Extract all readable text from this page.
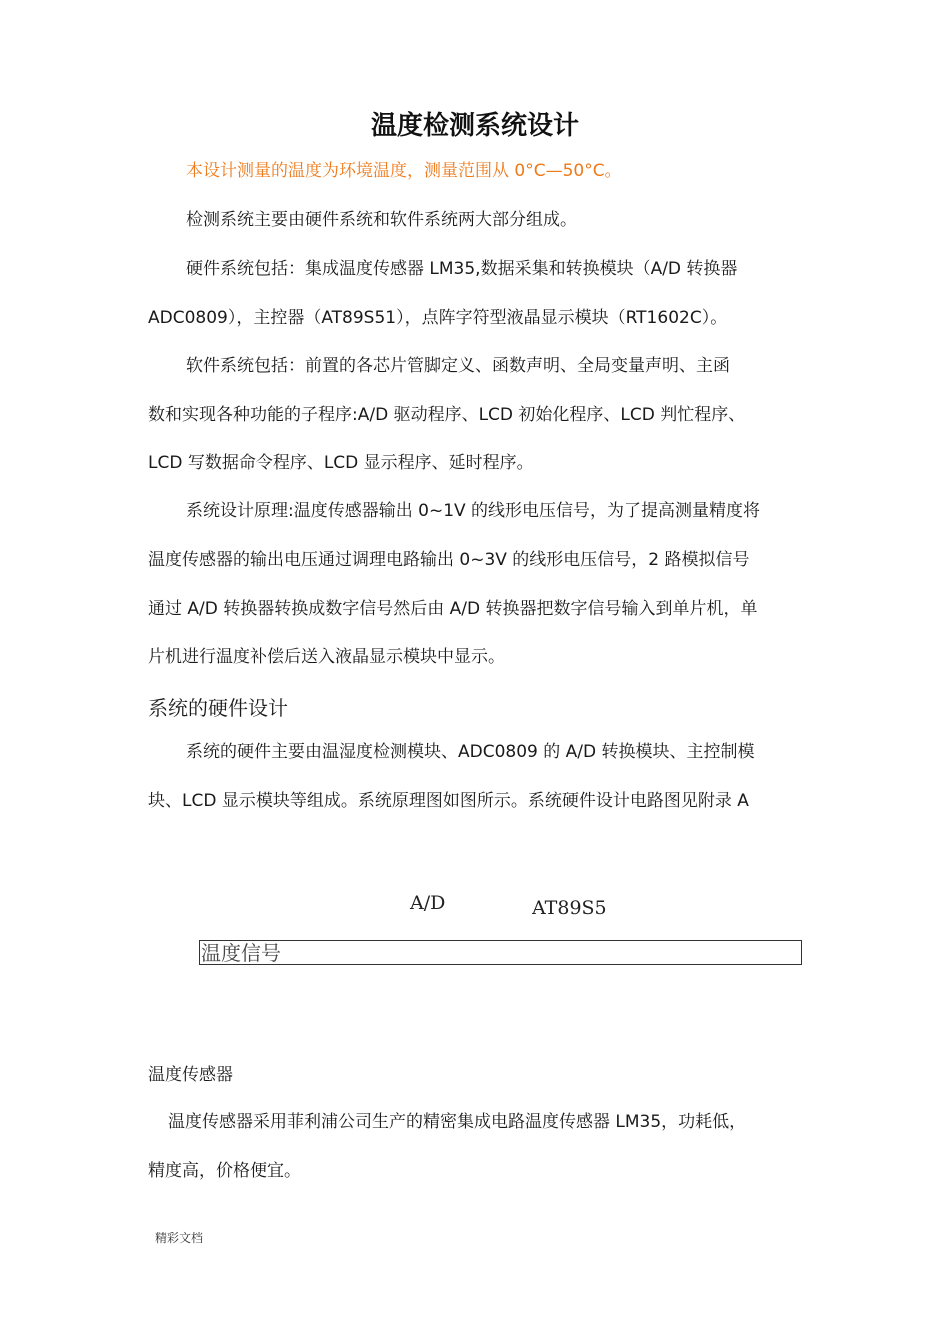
温度检测系统设计
本设计测量的温度为环境温度，测量范围从 0°C—50°C。
检测系统主要由硬件系统和软件系统两大部分组成。
硬件系统包括：集成温度传感器 LM35,数据采集和转换模块（A/D 转换器
ADC0809），主控器（AT89S51），点阵字符型液晶显示模块（RT1602C）。
软件系统包括：前置的各芯片管脚定义、函数声明、全局变量声明、主函
数和实现各种功能的子程序:A/D 驱动程序、LCD 初始化程序、LCD 判忙程序、
LCD 写数据命令程序、LCD 显示程序、延时程序。
系统设计原理:温度传感器输出 0~1V 的线形电压信号，为了提高测量精度将
温度传感器的输出电压通过调理电路输出 0~3V 的线形电压信号，2 路模拟信号
通过 A/D 转换器转换成数字信号然后由 A/D 转换器把数字信号输入到单片机，单
片机进行温度补偿后送入液晶显示模块中显示。
系统的硬件设计
系统的硬件主要由温湿度检测模块、ADC0809 的 A/D 转换模块、主控制模
块、LCD 显示模块等组成。系统原理图如图所示。系统硬件设计电路图见附录 A
A/D	AT89S5
温度信号
温度传感器
温度传感器采用菲利浦公司生产的精密集成电路温度传感器 LM35，功耗低，
精度高，价格便宜。
精彩文档
